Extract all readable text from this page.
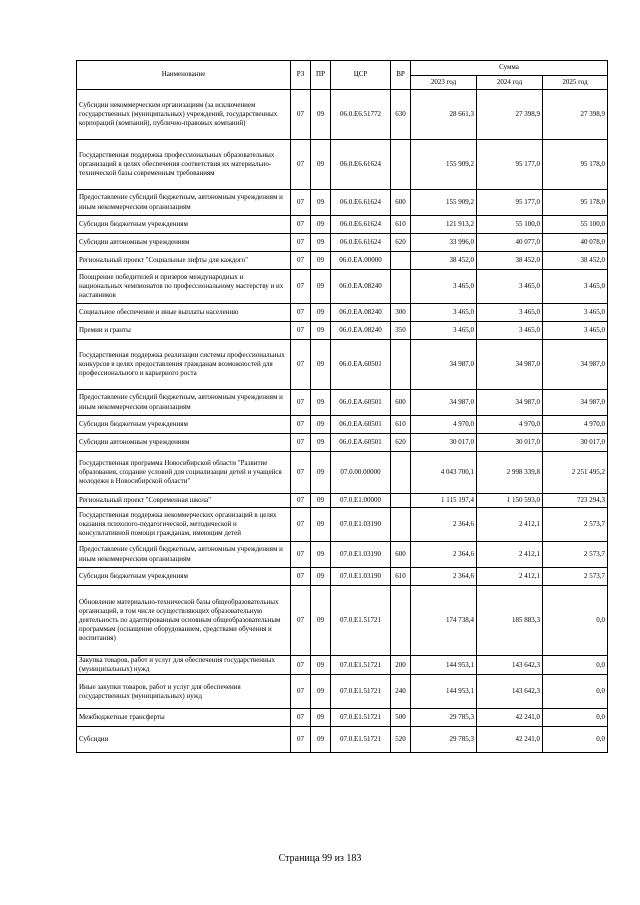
Наименование	РЗ	ПР	ЦСР	ВР	Сумма		
					2023 год	2024 год	2025 год
Субсидии некоммерческим организациям (за исключением государственных (муниципальных) учреждений, государственных корпораций (компаний), публично-правовых компаний)	07	09	06.0.Е6.51772	630	28 661,3	27 398,9	27 398,9
Государственная поддержка профессиональных образовательных организаций в целях обеспечения соответствия их материально-технической базы современным требованиям	07	09	06.0.Е6.61624		155 909,2	95 177,0	95 178,0
Предоставление субсидий бюджетным, автономным учреждениям и иным некоммерческим организациям	07	09	06.0.Е6.61624	600	155 909,2	95 177,0	95 178,0
Субсидии бюджетным учреждениям	07	09	06.0.Е6.61624	610	121 913,2	55 100,0	55 100,0
Субсидии автономным учреждениям	07	09	06.0.Е6.61624	620	33 996,0	40 077,0	40 078,0
Региональный проект "Социальные лифты для каждого"	07	09	06.0.ЕА.00000		38 452,0	38 452,0	38 452,0
Поощрение победителей и призеров международных и национальных чемпионатов по профессиональному мастерству и их наставников	07	09	06.0.ЕА.08240		3 465,0	3 465,0	3 465,0
Социальное обеспечение и иные выплаты населению	07	09	06.0.ЕА.08240	300	3 465,0	3 465,0	3 465,0
Премии и гранты	07	09	06.0.ЕА.08240	350	3 465,0	3 465,0	3 465,0
Государственная поддержка реализации системы профессиональных конкурсов в целях предоставления гражданам возможностей для профессионального и карьерного роста	07	09	06.0.ЕА.60501		34 987,0	34 987,0	34 987,0
Предоставление субсидий бюджетным, автономным учреждениям и иным некоммерческим организациям	07	09	06.0.ЕА.60501	600	34 987,0	34 987,0	34 987,0
Субсидии бюджетным учреждениям	07	09	06.0.ЕА.60501	610	4 970,0	4 970,0	4 970,0
Субсидии автономным учреждениям	07	09	06.0.ЕА.60501	620	30 017,0	30 017,0	30 017,0
Государственная программа Новосибирской области "Развитие образования, создание условий для социализации детей и учащейся молодежи в Новосибирской области"	07	09	07.0.00.00000		4 043 700,1	2 998 339,8	2 251 495,2
Региональный проект "Современная школа"	07	09	07.0.Е1.00000		1 115 197,4	1 150 593,0	723 294,3
Государственная поддержка некоммерческих организаций в целях оказания психолого-педагогической, методической и консультативной помощи гражданам, имеющим детей	07	09	07.0.Е1.03190		2 364,6	2 412,1	2 573,7
Предоставление субсидий бюджетным, автономным учреждениям и иным некоммерческим организациям	07	09	07.0.Е1.03190	600	2 364,6	2 412,1	2 573,7
Субсидии бюджетным учреждениям	07	09	07.0.Е1.03190	610	2 364,6	2 412,1	2 573,7
Обновление материально-технической базы общеобразовательных организаций, в том числе осуществляющих образовательную деятельность по адаптированным основным общеобразовательным программам (оснащение оборудованием, средствами обучения и воспитания)	07	09	07.0.Е1.51721		174 738,4	185 883,3	0,0
Закупка товаров, работ и услуг для обеспечения государственных (муниципальных) нужд	07	09	07.0.Е1.51721	200	144 953,1	143 642,3	0,0
Иные закупки товаров, работ и услуг для обеспечения государственных (муниципальных) нужд	07	09	07.0.Е1.51721	240	144 953,1	143 642,3	0,0
Межбюджетные трансферты	07	09	07.0.Е1.51721	500	29 785,3	42 241,0	0,0
Субсидии	07	09	07.0.Е1.51721	520	29 785,3	42 241,0	0,0
Страница 99 из 183
